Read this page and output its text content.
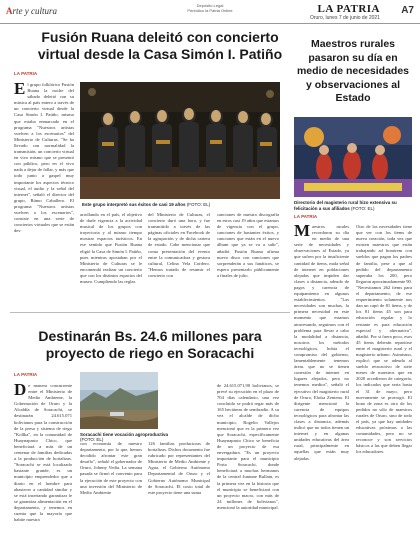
Arte y cultura
Depósito Legal
Periódico la Patria Online	LA PATRIA
Oruro, lunes 7 de junio de 2021
A7
Fusión Ruana deleitó con concierto virtual desde la Casa Simón I. Patiño
LA PATRIA
El grupo folklórico Fusión Ruana la noche del sábado deleitó con su música al país entero a través de un concierto virtual desde la Casa Simón I. Patiño, mismo que estaba enmarcado en el programa "Nuestros artistas vuelven a los escenarios" del Ministerio de Culturas. "Se ha llevado con normalidad la transmisión, un concierto virtual en vivo mismo que se presentó con público, pero en el vivo nada a dejar de fallar, y más que todo junto a gaspel muy importante los aspectos técnico visual, el audio y la señal del internet", señaló el director del grupo, Rúmo Caballero. El programa "Nuestros artistas vuelven a los escenarios", consiste en una serie de conciertos virtuales que se están des-
Este grupo interpretó sus éxitos de casi 19 años (FOTO: EL)
arrollando en el país, el objetivo de darle vigencia a la actividad musical de los grupos con trayectoria y al mismo tiempo mostrar espacios turísticos. En ese sentido que Fusión Ruana eligió la Casa de Simón I. Patiño, pues mientras apostaban por el Ministerio de Culturas se le encomendó realizar un concierto que con los distintos espacios del museo. Cumpliendo las reglas
del Ministerio de Culturas, el concierto duró una hora, y fue transmitido a través de las páginas oficiales en Facebook de la agrupación y de dicha cartera de estado. Cabe mencionar que como presentación del evento entre la comunicadora y gestora cultural, Celina Vela Cordero. "Hemos tratado de resumir el concierto con
canciones de nuestra discografía en estos casi 19 años que estamos de vigencia con el grupo, canciones de bastantes éxitos, y canciones que están en el nuevo álbum que ya se va a salir", añadió. Fusión Ruana afirma nuevo disco con canciones que sorprenderán a sus fanáticos, se espera presentarlo públicamente a finales de julio.
Maestros rurales pasaron su día en medio de necesidades y observaciones al Estado
Directorio del magisterio rural hizo extensiva su felicitación a sus afiliados (FOTO: EL)
LA PATRIA
Maestros rurales recordaron su día en medio de una serie de necesidades y observaciones al Estado, ya que sufren por la insuficiente cantidad de ítems, mala señal de internet en poblaciones alejadas que impiden dar clases a distancia, adeudo de pagos y carencia de equipamiento en algunos establecimientos. "Las necesidades son muchas, la primera necesidad en este momento que estamos atravesando, seguimos con el problema para llevar a cabo la modalidad a distancia, nosotros los métodos tecnológicos, hobia el compromiso del gobierno, lamentablemente tenemos áreas que no se tienen conexión de internet en lugares alejados, pero no tenemos medios", señaló el ejecutivo del magisterio rural de Oruro, Eloísa Zenteno. El dirigente mencionó la carencia de equipos tecnológicos para afrontar las clases a distancia, además indicó que no todos tienen un internet y en algunas unidades educativas del área rural, principalmente en aquellas que están muy alejadas.
Otro de las necesidades tiene que ver con los ítems de nueva creación, toda vez que existen maestros que están trabajando ad honórem con sueldos que pagan los padres de familia, pese a que al pedido del departamento superaba los 200, pero llegaron aproximadamente 90. "Necesitamos 262 ítems para el departamento, de ese requerimiento solamente nos dan un capó de 81 ítems, y de los 81 ítems 45 son para educación regular y lo restante es para educación especial y alternativa", añadió. Por si fuera poco, esos 45 ítems deberán repartirse entre el magisterio rural y el magisterio urbano. Asimismo, explicó que se adeuda al sueldo retroactivo de siete meses de maestros que en 2020 accedieron de categoría, los indicados que seria hasta el 31 de mayo, pero nuevamente se prorrogó. El bono de zona es otro de los pedidos no sólo de maestros rurales de Oruro, sino de todo el país, ya que hay unidades educativas próximas a las comunidades, pero no se reconoce y son servicios básicos a las que deben llegar los educadores.
Destinarán Bs. 24.6 millones para proyecto de riego en Soracachi
LA PATRIA
De manera concurrente entre el Ministerio de Medio Ambiente, la Gobernación de Oruro y la Alcaldía de Soracachi, se destinarán 24.615.071 bolivianos para la construcción de la presa y sistema de riego "Kollka", en la comunidad de Huaynapasto Chico, que beneficiará a más de un centenar de familias dedicadas a la producción de hortalizas. "Soracachi se está localizado bastante grande, es un municipio emprendedor que a diario en el hombre para abastecer a cantidad similar y se está insertando garantizar le se garantiza alimentación en el departamento, y tenemos en cuenta que la mayoría que habite nuestra
Soracachi tiene vocación agroproductiva (FOTO: EL)
con economía de nuestro departamento, por lo que, hemos decidido afrontar este gran desafío", señaló el gobernador de Oruro, Johnny Vedia. La semana pasada se firmó el convenio para la ejecución de este proyecto con una inversión del Ministerio de Medio Ambiente
126 familias productoras de hortalizas. Dichos documento fue rubricado por representantes del Ministerio de Medio Ambiente y Agua, el Gobierno Autónomo Departamental de Oruro y el Gobierno Autónomo Municipal de Soracachi. El costo total de este proyecto tiene una suma
de 24.615.071,90 bolivianos, se prevé su ejecución en el plazo de 704 días calendario, una vez concluido se podrá regar más de 165 hectáreas de sembradío. A su vez el alcalde de dicho municipio, Rogelio Vallejos mencionó que es la primera vez que Soracachi, específicamente Huaynapasto Chico se beneficia de un proyecto de esa envergadura. "Es un proyecto importante para el municipio Porta Soracachi, donde beneficiará a muchas hermanos de la central Juntune Bullain, es la primera vez en la historia que el municipio se beneficiará con un proyecto macro, con más de 24 millones de bolivianos", mencionó la autoridad municipal.
